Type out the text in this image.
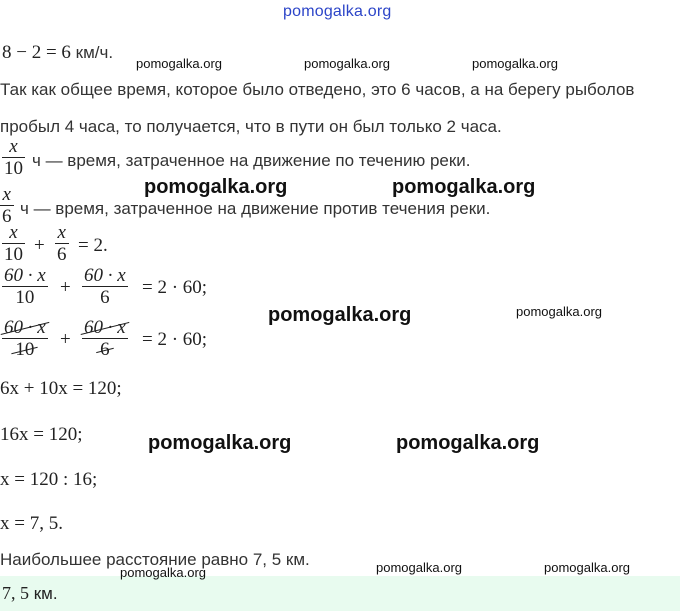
pomogalka.org
8 − 2 = 6 км/ч.
Так как общее время, которое было отведено, это 6 часов, а на берегу рыболов
пробыл 4 часа, то получается, что в пути он был только 2 часа.
x
10 ч — время, затраченное на движение по течению реки.
x
6 ч — время, затраченное на движение против течения реки.
x
10 +
x
6 = 2.
60 · x
10 +
60 · x
6 = 2 · 60;
60 · x
10 +
60 · x
6 = 2 · 60;
6x + 10x = 120;
16x = 120;
x = 120 : 16;
x = 7, 5.
Наибольшее расстояние равно 7, 5 км.
7, 5 км.
pomogalka.org	pomogalka.org	pomogalka.org
pomogalka.org	pomogalka.org
pomogalka.org	pomogalka.org
pomogalka.org	pomogalka.org
pomogalka.org	pomogalka.org	pomogalka.org
